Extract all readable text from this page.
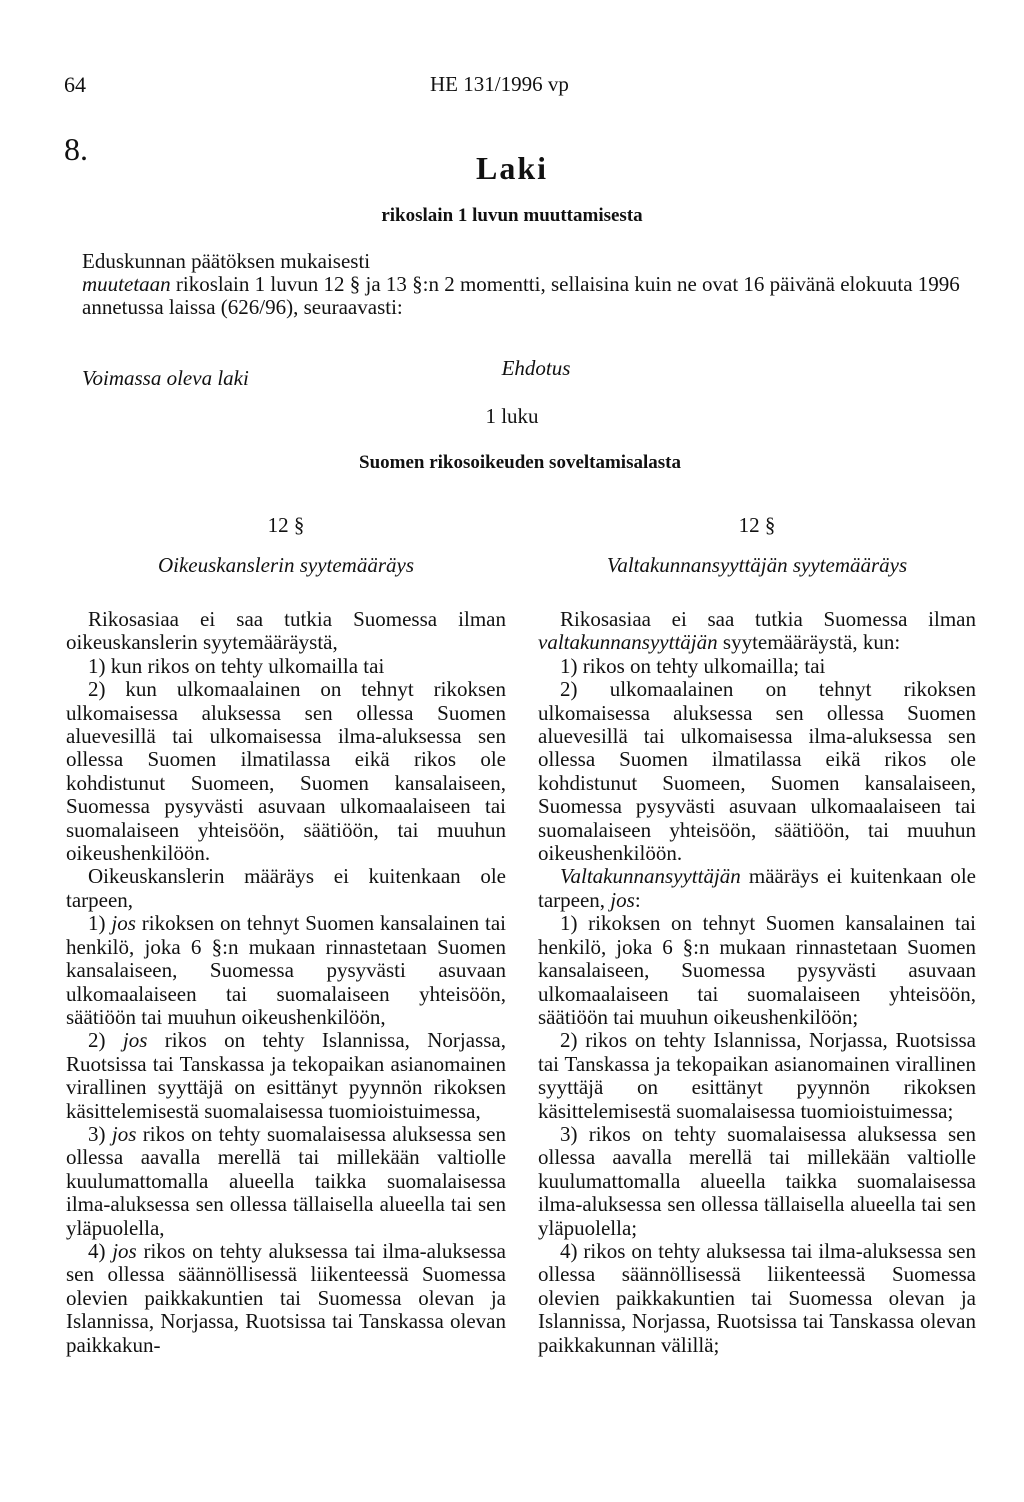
64	HE 131/1996 vp
8.
Laki
rikoslain 1 luvun muuttamisesta

Eduskunnan päätöksen mukaisesti

muutetaan rikoslain 1 luvun 12 § ja 13 §:n 2 momentti, sellaisina kuin ne ovat 16 päivänä elokuuta 1996 annetussa laissa (626/96), seuraavasti:

Voimassa oleva laki	Ehdotus
1 luku
Suomen rikosoikeuden soveltamisalasta

12 §

Oikeuskanslerin syytemääräys

Rikosasiaa ei saa tutkia Suomessa ilman oikeuskanslerin syytemääräystä,

1) kun rikos on tehty ulkomailla tai

2) kun ulkomaalainen on tehnyt rikoksen ulkomaisessa aluksessa sen ollessa Suomen aluevesillä tai ulkomaisessa ilma-aluksessa sen ollessa Suomen ilmatilassa eikä rikos ole kohdistunut Suomeen, Suomen kansalaiseen, Suomessa pysyvästi asuvaan ulkomaalaiseen tai suomalaiseen yhteisöön, säätiöön, tai muuhun oikeushenkilöön.

Oikeuskanslerin määräys ei kuitenkaan ole tarpeen,

1) jos rikoksen on tehnyt Suomen kansalainen tai henkilö, joka 6 §:n mukaan rinnastetaan Suomen kansalaiseen, Suomessa pysyvästi asuvaan ulkomaalaiseen tai suomalaiseen yhteisöön, säätiöön tai muuhun oikeushenkilöön,

2) jos rikos on tehty Islannissa, Norjassa, Ruotsissa tai Tanskassa ja tekopaikan asianomainen virallinen syyttäjä on esittänyt pyynnön rikoksen käsittelemisestä suomalaisessa tuomioistuimessa,

3) jos rikos on tehty suomalaisessa aluksessa sen ollessa aavalla merellä tai millekään valtiolle kuulumattomalla alueella taikka suomalaisessa ilma-aluksessa sen ollessa tällaisella alueella tai sen yläpuolella,

4) jos rikos on tehty aluksessa tai ilma-aluksessa sen ollessa säännöllisessä liikenteessä Suomessa olevien paikkakuntien tai Suomessa olevan ja Islannissa, Norjassa, Ruotsissa tai Tanskassa olevan paikkakun-

12 §

Valtakunnansyyttäjän syytemääräys

Rikosasiaa ei saa tutkia Suomessa ilman valtakunnansyyttäjän syytemääräystä, kun:

1) rikos on tehty ulkomailla; tai

2) ulkomaalainen on tehnyt rikoksen ulkomaisessa aluksessa sen ollessa Suomen aluevesillä tai ulkomaisessa ilma-aluksessa sen ollessa Suomen ilmatilassa eikä rikos ole kohdistunut Suomeen, Suomen kansalaiseen, Suomessa pysyvästi asuvaan ulkomaalaiseen tai suomalaiseen yhteisöön, säätiöön, tai muuhun oikeushenkilöön.

Valtakunnansyyttäjän määräys ei kuitenkaan ole tarpeen, jos:

1) rikoksen on tehnyt Suomen kansalainen tai henkilö, joka 6 §:n mukaan rinnastetaan Suomen kansalaiseen, Suomessa pysyvästi asuvaan ulkomaalaiseen tai suomalaiseen yhteisöön, säätiöön tai muuhun oikeushenkilöön;

2) rikos on tehty Islannissa, Norjassa, Ruotsissa tai Tanskassa ja tekopaikan asianomainen virallinen syyttäjä on esittänyt pyynnön rikoksen käsittelemisestä suomalaisessa tuomioistuimessa;

3) rikos on tehty suomalaisessa aluksessa sen ollessa aavalla merellä tai millekään valtiolle kuulumattomalla alueella taikka suomalaisessa ilma-aluksessa sen ollessa tällaisella alueella tai sen yläpuolella;

4) rikos on tehty aluksessa tai ilma-aluksessa sen ollessa säännöllisessä liikenteessä Suomessa olevien paikkakuntien tai Suomessa olevan ja Islannissa, Norjassa, Ruotsissa tai Tanskassa olevan paikkakunnan välillä;
